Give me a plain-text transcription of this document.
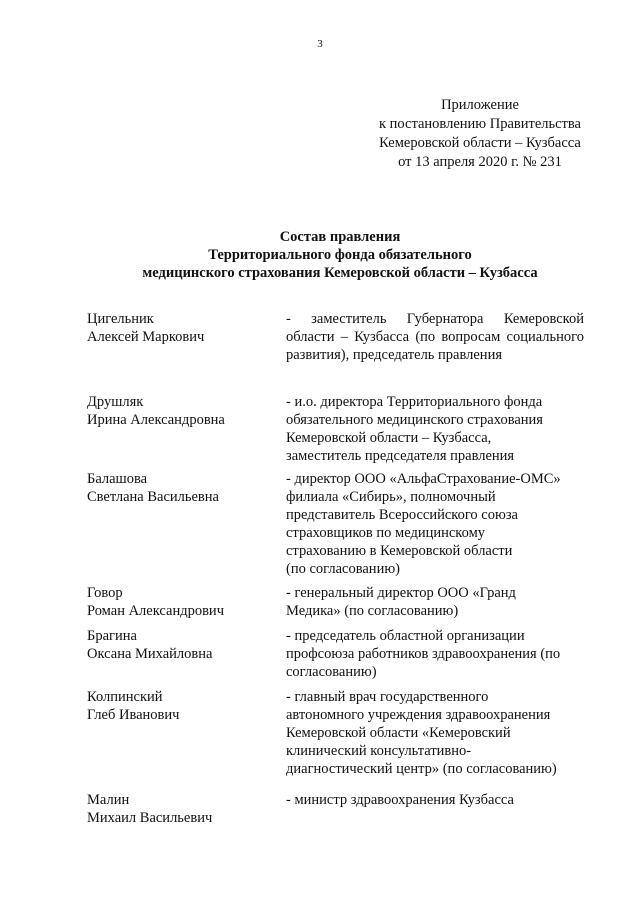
3
Приложение
к постановлению Правительства
Кемеровской области – Кузбасса
от 13 апреля 2020 г. № 231
Состав правления
Территориального фонда обязательного
медицинского страхования Кемеровской области – Кузбасса
Цигельник
Алексей Маркович
- заместитель Губернатора Кемеровской области – Кузбасса (по вопросам социального развития), председатель правления
Друшляк
Ирина Александровна
- и.о. директора Территориального фонда
обязательного медицинского страхования
Кемеровской области – Кузбасса,
заместитель председателя правления
Балашова
Светлана Васильевна
- директор ООО «АльфаСтрахование-ОМС»
филиала «Сибирь», полномочный
представитель Всероссийского союза
страховщиков по медицинскому
страхованию в Кемеровской области
(по согласованию)
Говор
Роман Александрович
- генеральный директор ООО «Гранд
Медика» (по согласованию)
Брагина
Оксана Михайловна
- председатель областной организации
профсоюза работников здравоохранения (по
согласованию)
Колпинский
Глеб Иванович
- главный врач государственного
автономного учреждения здравоохранения
Кемеровской области «Кемеровский
клинический консультативно-
диагностический центр» (по согласованию)
Малин
Михаил Васильевич
- министр здравоохранения Кузбасса
